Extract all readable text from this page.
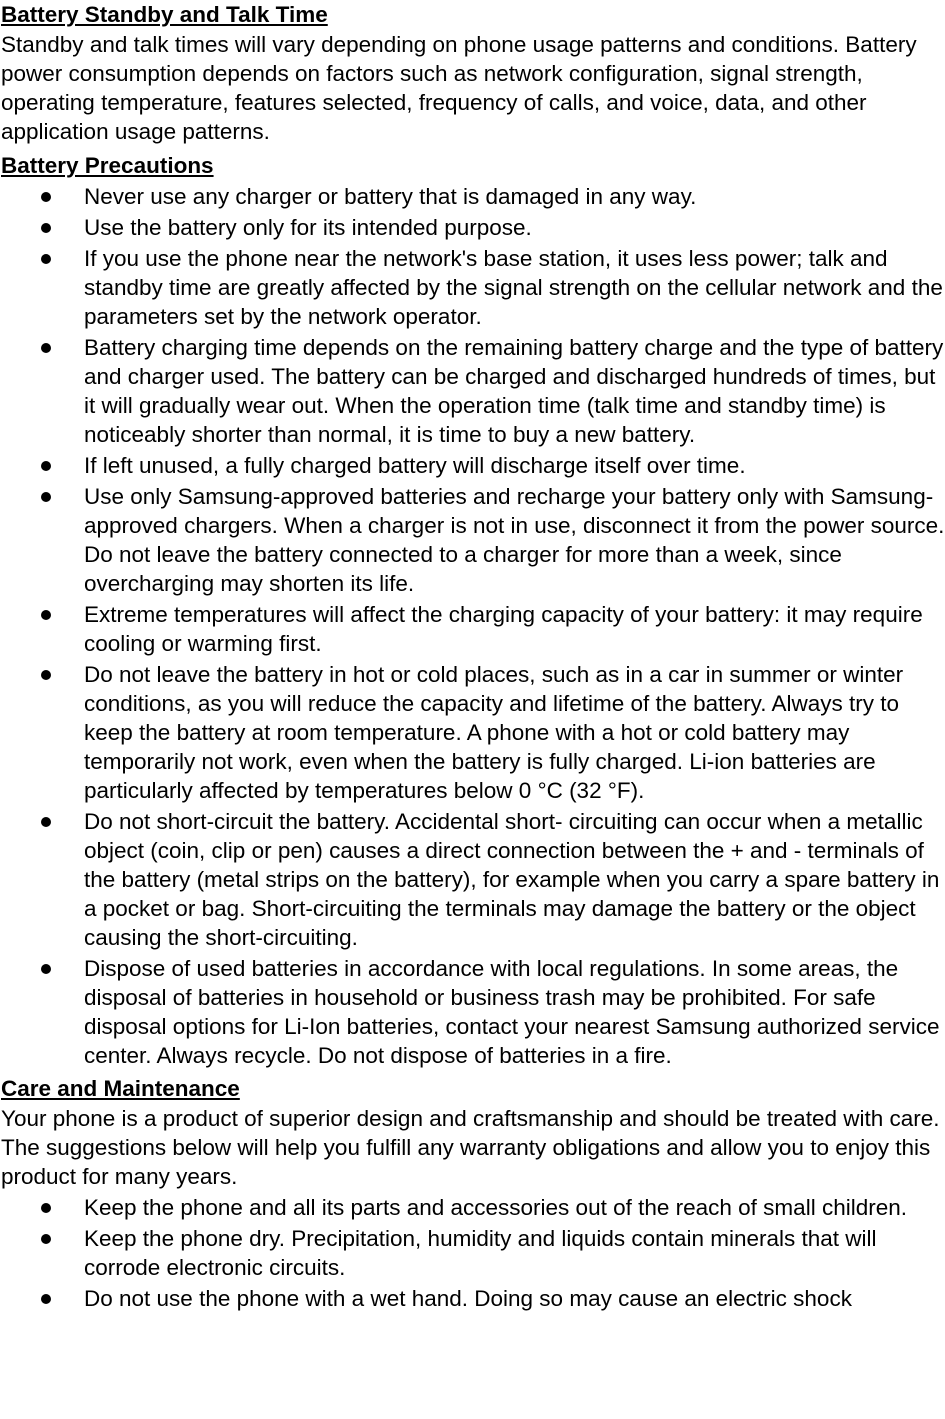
Battery Standby and Talk Time

Standby and talk times will vary depending on phone usage patterns and conditions. Battery power consumption depends on factors such as network configuration, signal strength, operating temperature, features selected, frequency of calls, and voice, data, and other application usage patterns.

Battery Precautions
Never use any charger or battery that is damaged in any way.
Use the battery only for its intended purpose.
If you use the phone near the network's base station, it uses less power; talk and standby time are greatly affected by the signal strength on the cellular network and the parameters set by the network operator.
Battery charging time depends on the remaining battery charge and the type of battery and charger used. The battery can be charged and discharged hundreds of times, but it will gradually wear out. When the operation time (talk time and standby time) is noticeably shorter than normal, it is time to buy a new battery.
If left unused, a fully charged battery will discharge itself over time.
Use only Samsung-approved batteries and recharge your battery only with Samsung-approved chargers. When a charger is not in use, disconnect it from the power source. Do not leave the battery connected to a charger for more than a week, since overcharging may shorten its life.
Extreme temperatures will affect the charging capacity of your battery: it may require cooling or warming first.
Do not leave the battery in hot or cold places, such as in a car in summer or winter conditions, as you will reduce the capacity and lifetime of the battery. Always try to keep the battery at room temperature. A phone with a hot or cold battery may temporarily not work, even when the battery is fully charged. Li-ion batteries are particularly affected by temperatures below 0 °C (32 °F).
Do not short-circuit the battery. Accidental short- circuiting can occur when a metallic object (coin, clip or pen) causes a direct connection between the + and - terminals of the battery (metal strips on the battery), for example when you carry a spare battery in a pocket or bag. Short-circuiting the terminals may damage the battery or the object causing the short-circuiting.
Dispose of used batteries in accordance with local regulations. In some areas, the disposal of batteries in household or business trash may be prohibited. For safe disposal options for Li-Ion batteries, contact your nearest Samsung authorized service center. Always recycle. Do not dispose of batteries in a fire.
Care and Maintenance

Your phone is a product of superior design and craftsmanship and should be treated with care. The suggestions below will help you fulfill any warranty obligations and allow you to enjoy this product for many years.

Keep the phone and all its parts and accessories out of the reach of small children.
Keep the phone dry. Precipitation, humidity and liquids contain minerals that will corrode electronic circuits.
Do not use the phone with a wet hand. Doing so may cause an electric shock
